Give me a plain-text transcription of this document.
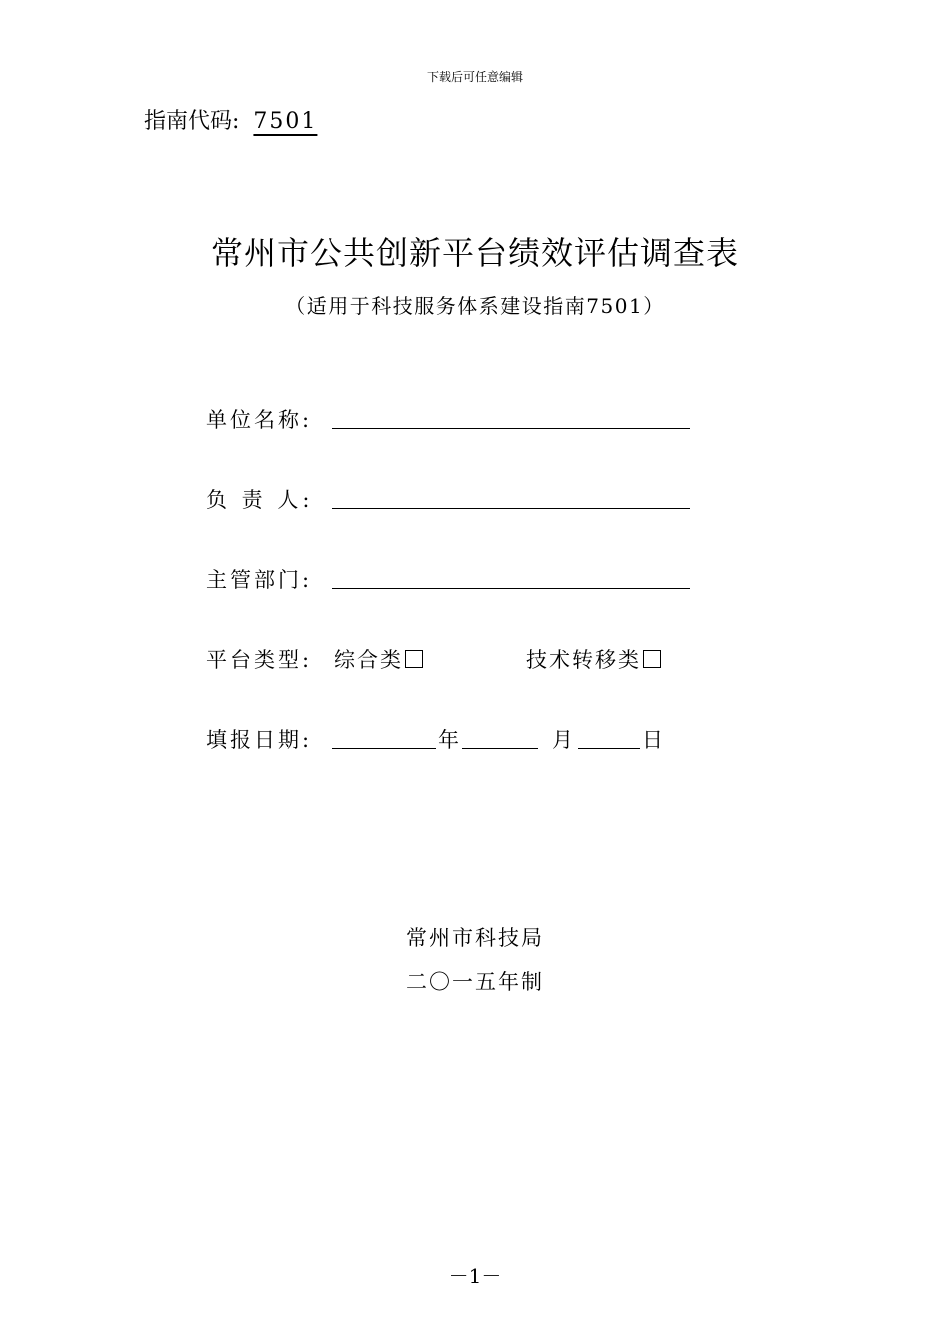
下载后可任意编辑
指南代码: 7501
常州市公共创新平台绩效评估调查表
（适用于科技服务体系建设指南7501）
单位名称:
负 责 人:
主管部门:
平台类型: 综合类	技术转移类
填报日期:	年	月	日
常州市科技局
二〇一五年制
－1－
